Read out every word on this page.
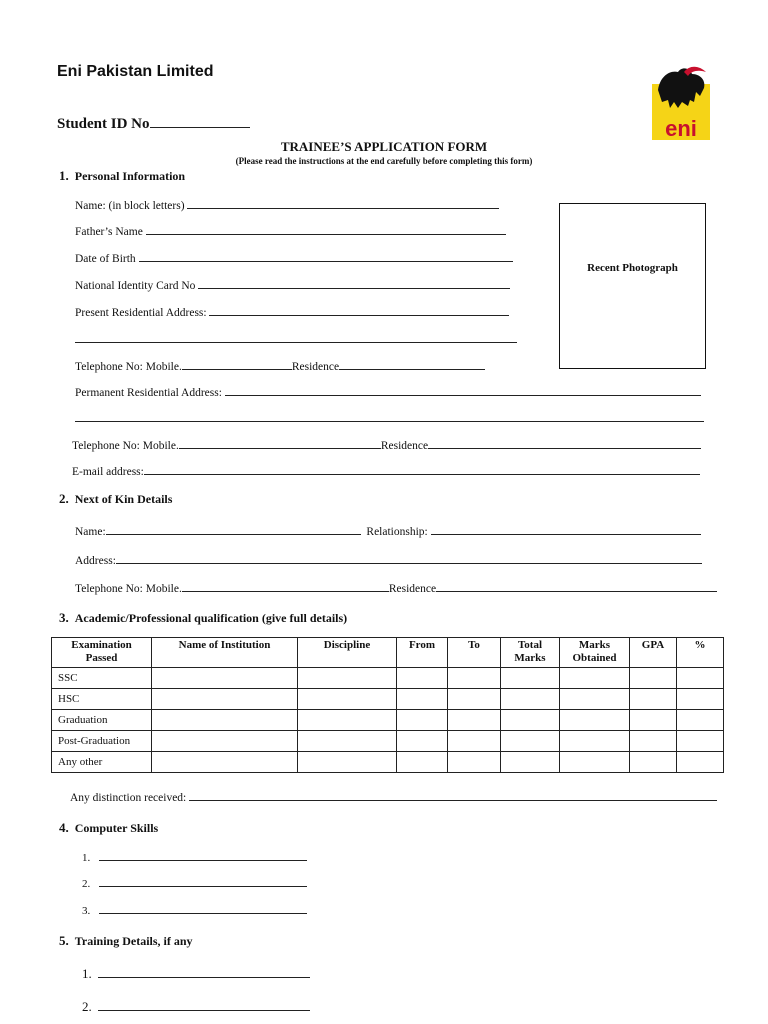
Eni Pakistan Limited
Student ID No	eni
TRAINEE’S APPLICATION FORM
(Please read the instructions at the end carefully before completing this form)
1. Personal Information
Name: (in block letters)
Father’s Name
Date of Birth
National Identity Card No
Present Residential Address:
Telephone No: Mobile.	Residence
Recent Photograph
Permanent Residential Address:
Telephone No: Mobile.	Residence
E-mail address:
2. Next of Kin Details
Name:	Relationship:
Address:
Telephone No: Mobile.	Residence
3. Academic/Professional qualification (give full details)
Examination Passed	Name of Institution	Discipline	From	To	Total Marks	Marks Obtained	GPA	%
SSC								
HSC								
Graduation								
Post-Graduation								
Any other								
Any distinction received:
4. Computer Skills
1.
2.
3.
5. Training Details, if any
1.
2.
